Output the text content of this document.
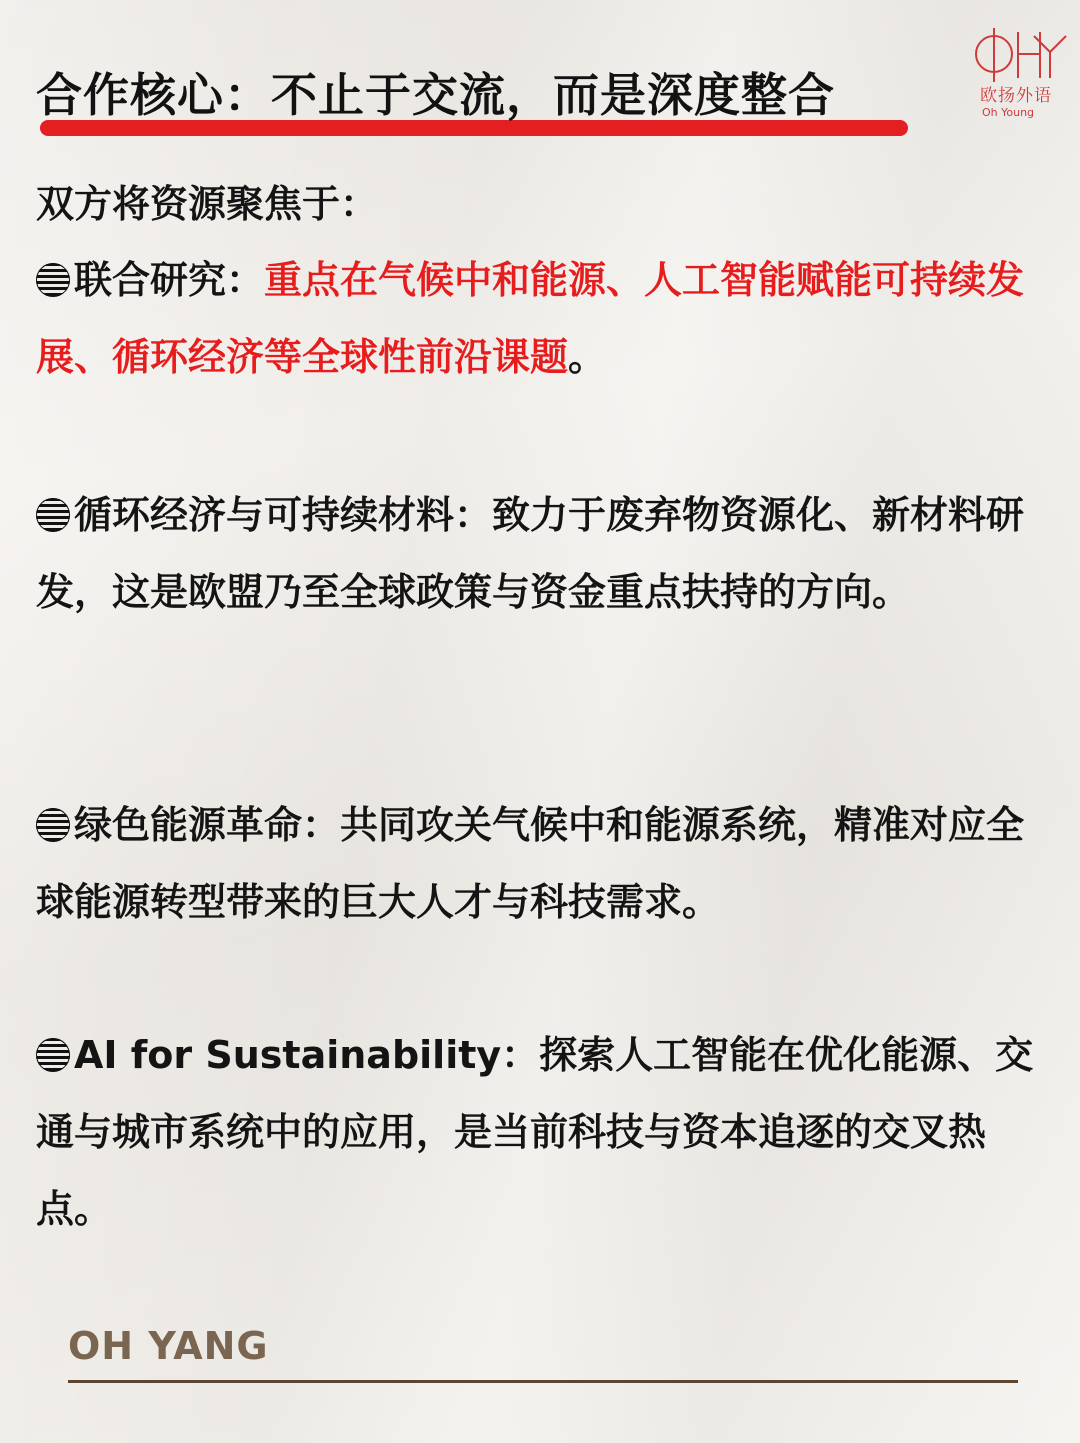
合作核心：不止于交流，而是深度整合	欧扬外语
Oh Young

双方将资源聚焦于：

联合研究：重点在气候中和能源、人工智能赋能可持续发展、循环经济等全球性前沿课题。

循环经济与可持续材料：致力于废弃物资源化、新材料研发，这是欧盟乃至全球政策与资金重点扶持的方向。

绿色能源革命：共同攻关气候中和能源系统，精准对应全球能源转型带来的巨大人才与科技需求。

AI for Sustainability：探索人工智能在优化能源、交通与城市系统中的应用，是当前科技与资本追逐的交叉热点。

OH YANG
